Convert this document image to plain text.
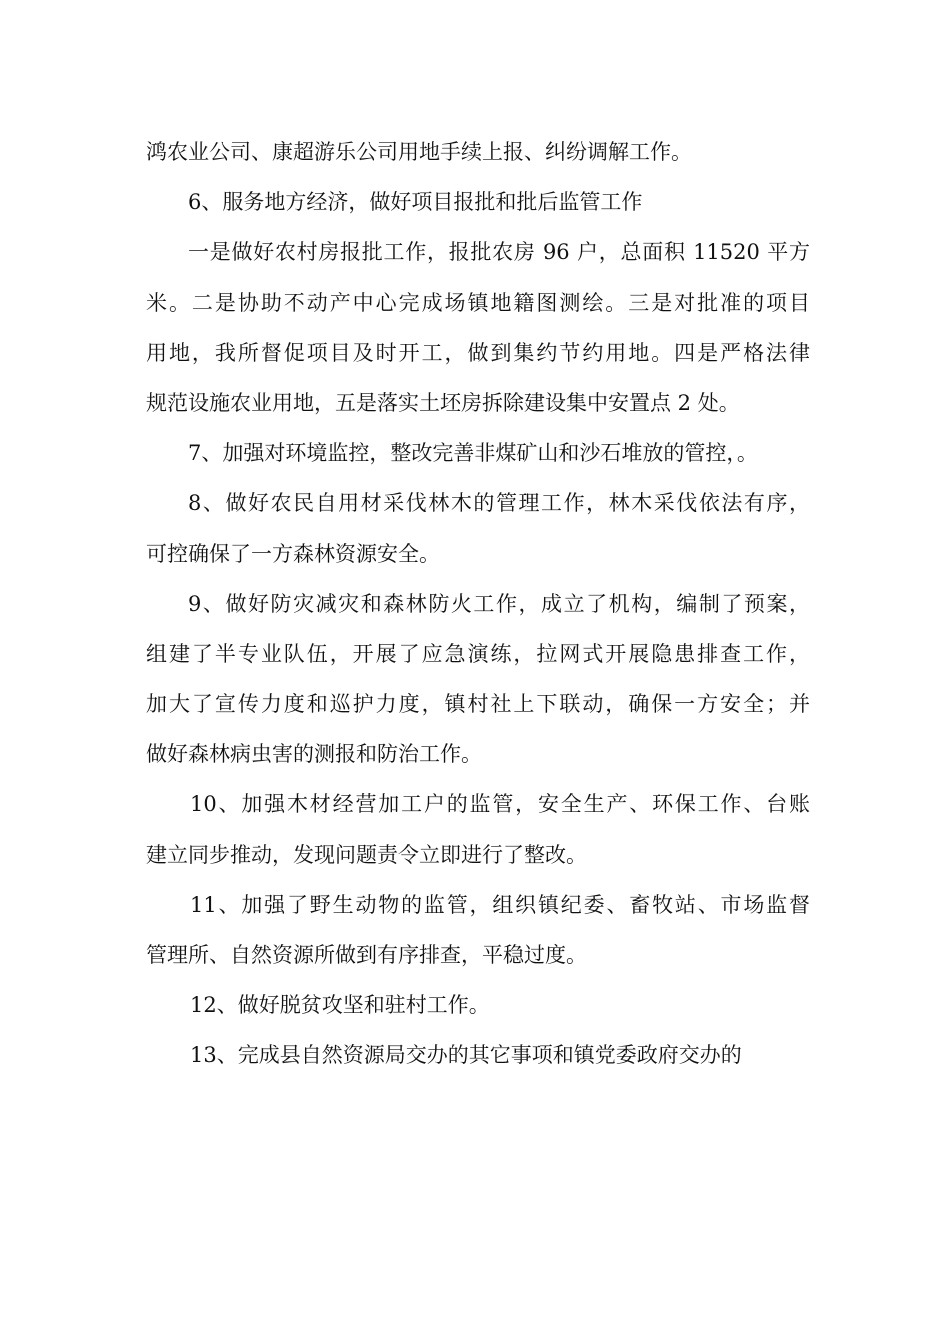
鸿农业公司、康超游乐公司用地手续上报、纠纷调解工作。
6、服务地方经济，做好项目报批和批后监管工作
一是做好农村房报批工作，报批农房 96 户，总面积 11520 平方
米。二是协助不动产中心完成场镇地籍图测绘。三是对批准的项目
用地，我所督促项目及时开工，做到集约节约用地。四是严格法律
规范设施农业用地，五是落实土坯房拆除建设集中安置点 2 处。
7、加强对环境监控，整改完善非煤矿山和沙石堆放的管控，。
8、做好农民自用材采伐林木的管理工作，林木采伐依法有序，
可控确保了一方森林资源安全。
9、做好防灾减灾和森林防火工作，成立了机构，编制了预案，
组建了半专业队伍，开展了应急演练，拉网式开展隐患排查工作，
加大了宣传力度和巡护力度，镇村社上下联动，确保一方安全；并
做好森林病虫害的测报和防治工作。
10、加强木材经营加工户的监管，安全生产、环保工作、台账
建立同步推动，发现问题责令立即进行了整改。
11、加强了野生动物的监管，组织镇纪委、畜牧站、市场监督
管理所、自然资源所做到有序排查，平稳过度。
12、做好脱贫攻坚和驻村工作。
13、完成县自然资源局交办的其它事项和镇党委政府交办的
